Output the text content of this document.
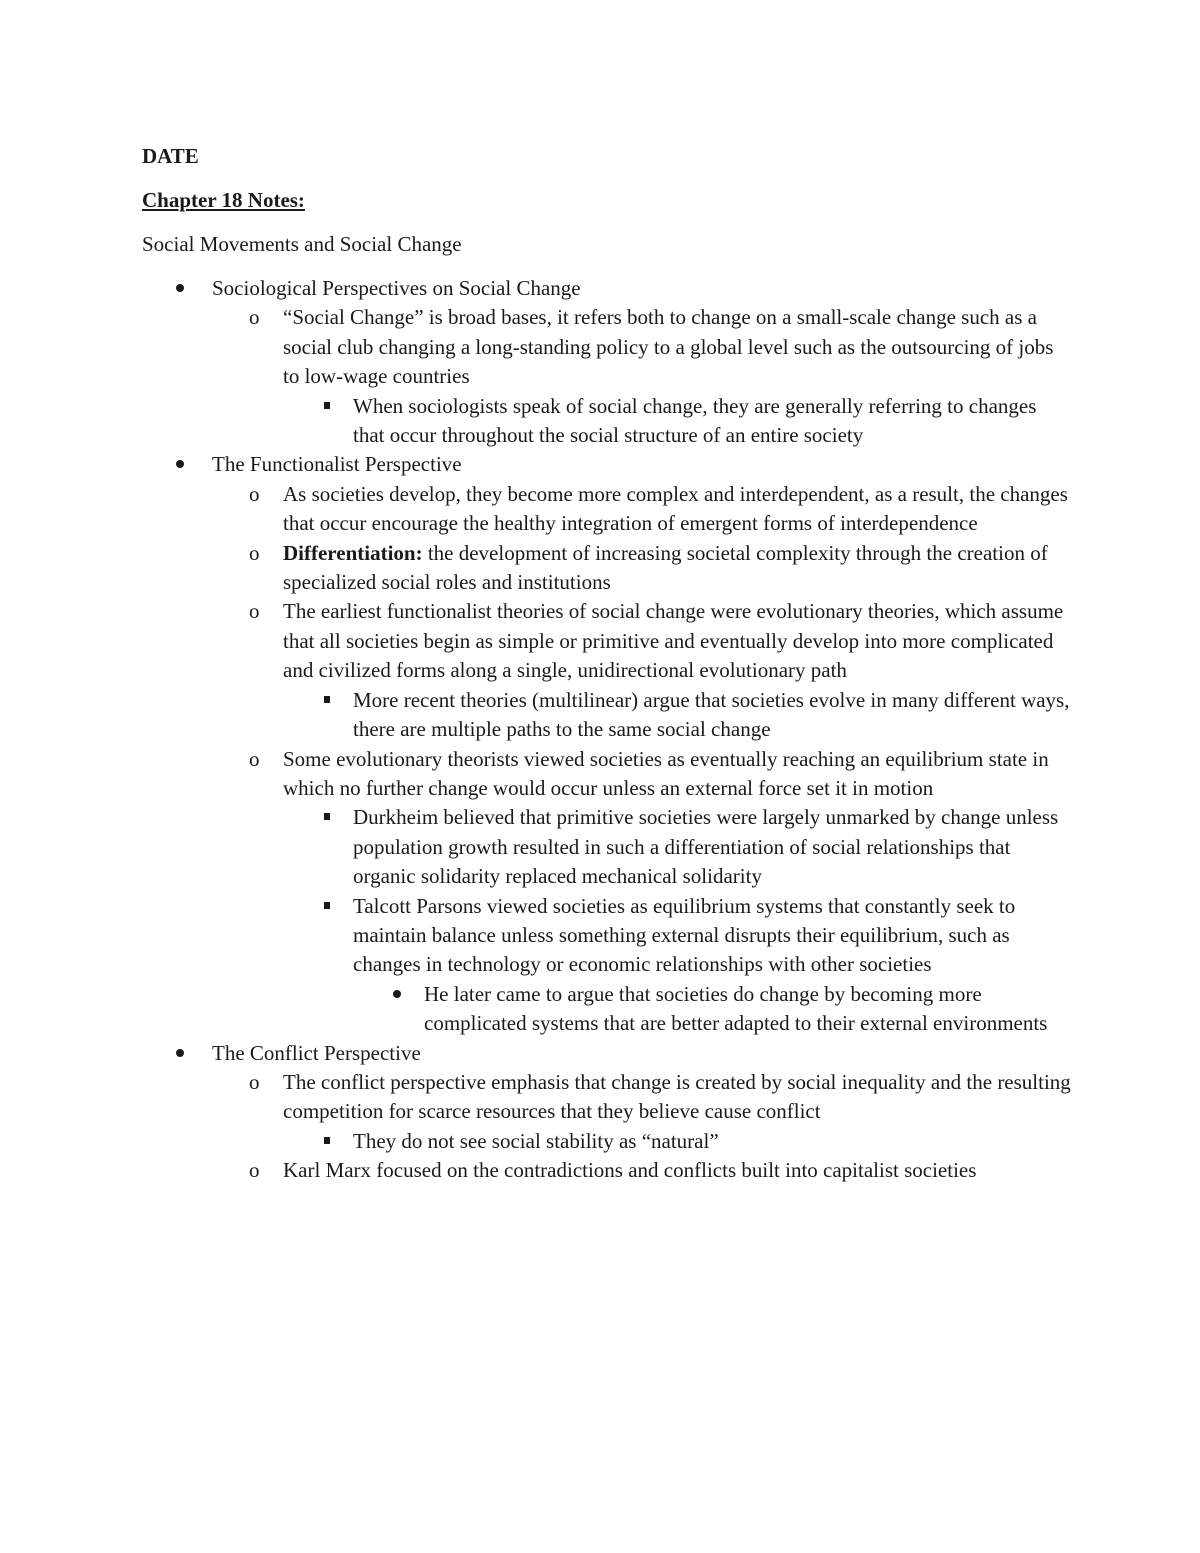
DATE
Chapter 18 Notes:
Social Movements and Social Change
Sociological Perspectives on Social Change
o	“Social Change” is broad bases, it refers both to change on a small-scale change such as a social club changing a long-standing policy to a global level such as the outsourcing of jobs to low-wage countries
When sociologists speak of social change, they are generally referring to changes that occur throughout the social structure of an entire society
The Functionalist Perspective
o	As societies develop, they become more complex and interdependent, as a result, the changes that occur encourage the healthy integration of emergent forms of interdependence
o	Differentiation: the development of increasing societal complexity through the creation of specialized social roles and institutions
o	The earliest functionalist theories of social change were evolutionary theories, which assume that all societies begin as simple or primitive and eventually develop into more complicated and civilized forms along a single, unidirectional evolutionary path
More recent theories (multilinear) argue that societies evolve in many different ways, there are multiple paths to the same social change
o	Some evolutionary theorists viewed societies as eventually reaching an equilibrium state in which no further change would occur unless an external force set it in motion
Durkheim believed that primitive societies were largely unmarked by change unless population growth resulted in such a differentiation of social relationships that organic solidarity replaced mechanical solidarity
Talcott Parsons viewed societies as equilibrium systems that constantly seek to maintain balance unless something external disrupts their equilibrium, such as changes in technology or economic relationships with other societies
He later came to argue that societies do change by becoming more complicated systems that are better adapted to their external environments
The Conflict Perspective
o	The conflict perspective emphasis that change is created by social inequality and the resulting competition for scarce resources that they believe cause conflict
They do not see social stability as “natural”
o	Karl Marx focused on the contradictions and conflicts built into capitalist societies
